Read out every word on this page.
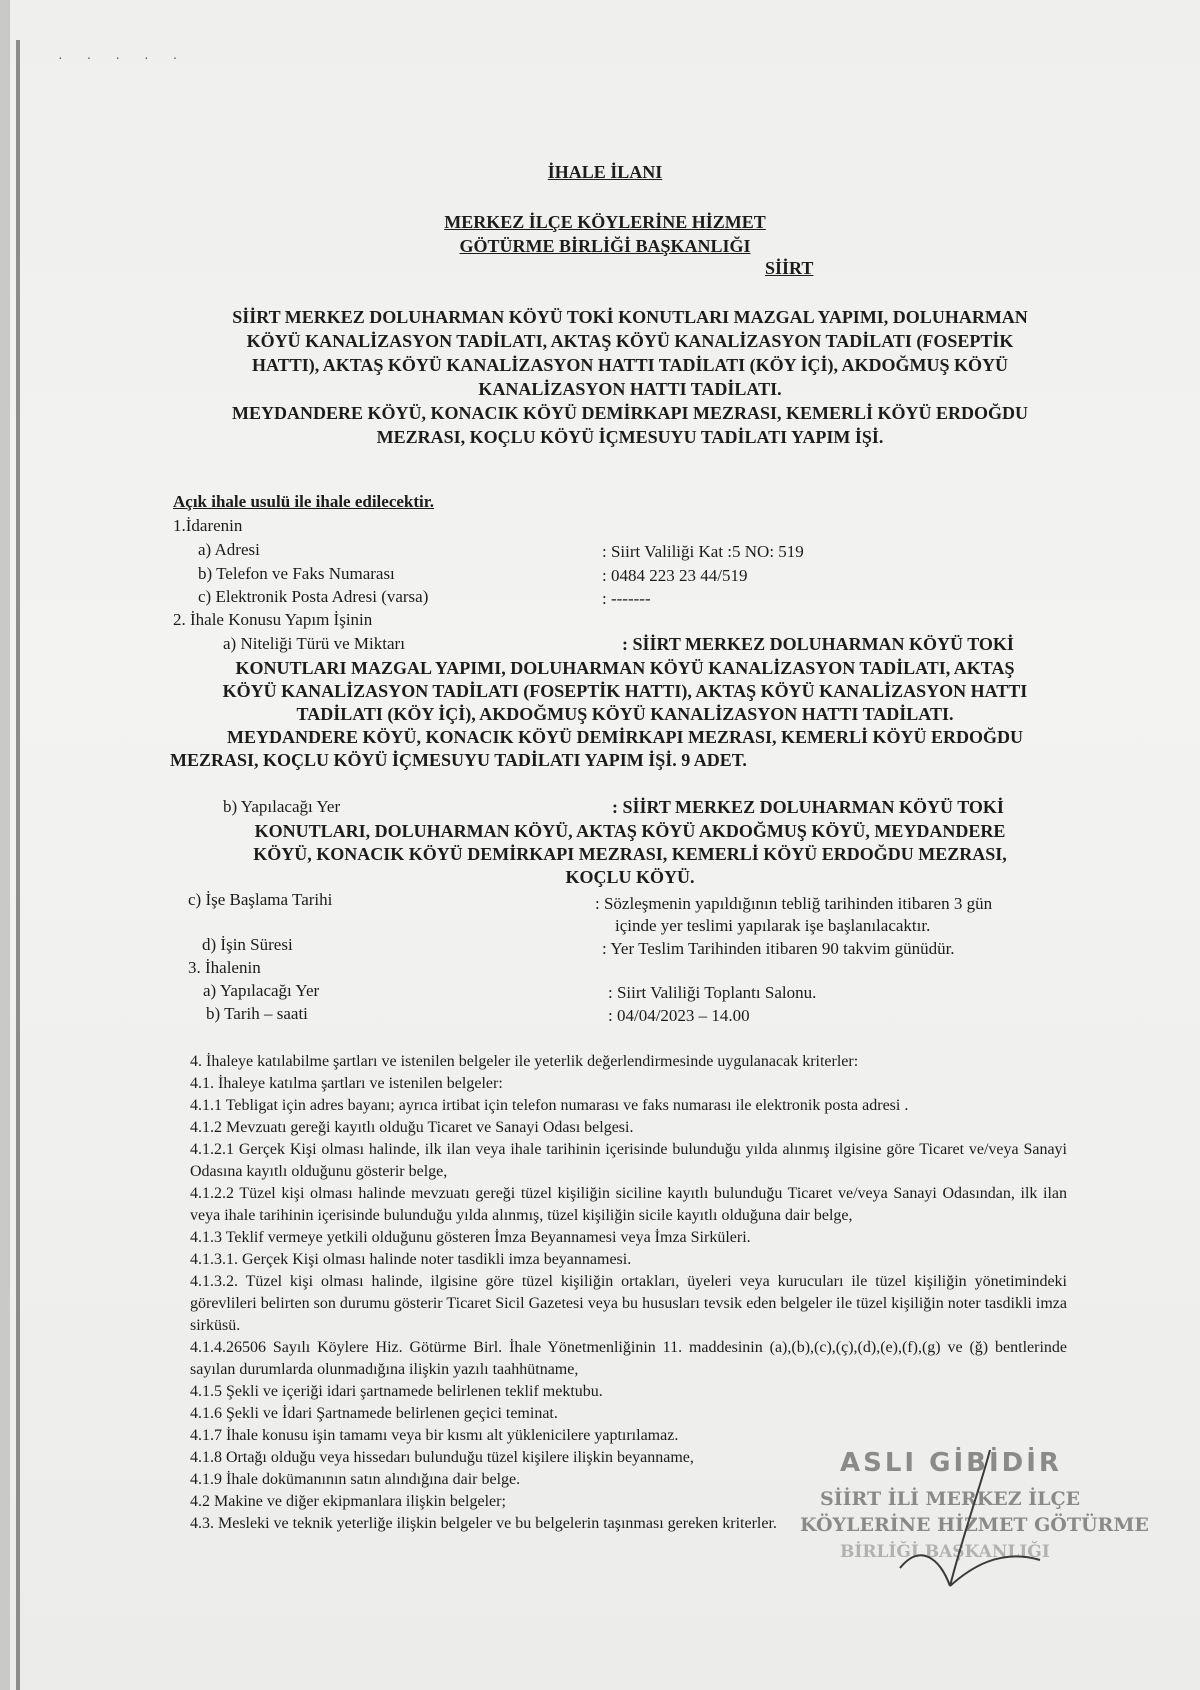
·····
İHALE İLANI
MERKEZ İLÇE KÖYLERİNE HİZMET
GÖTÜRME BİRLİĞİ BAŞKANLIĞI
SİİRT
SİİRT MERKEZ DOLUHARMAN KÖYÜ TOKİ KONUTLARI MAZGAL YAPIMI, DOLUHARMAN
KÖYÜ KANALİZASYON TADİLATI, AKTAŞ KÖYÜ KANALİZASYON TADİLATI (FOSEPTİK
HATTI), AKTAŞ KÖYÜ KANALİZASYON HATTI TADİLATI (KÖY İÇİ), AKDOĞMUŞ KÖYÜ
KANALİZASYON HATTI TADİLATI.
MEYDANDERE KÖYÜ, KONACIK KÖYÜ DEMİRKAPI MEZRASI, KEMERLİ KÖYÜ ERDOĞDU
MEZRASI, KOÇLU KÖYÜ İÇMESUYU TADİLATI YAPIM İŞİ.
Açık ihale usulü ile ihale edilecektir.
1.İdarenin
a) Adresi	: Siirt Valiliği Kat :5 NO: 519
b) Telefon ve Faks Numarası	: 0484 223 23 44/519
c) Elektronik Posta Adresi (varsa)	: -------
2. İhale Konusu Yapım İşinin
a) Niteliği Türü ve Miktarı	: SİİRT MERKEZ DOLUHARMAN KÖYÜ TOKİ
KONUTLARI MAZGAL YAPIMI, DOLUHARMAN KÖYÜ KANALİZASYON TADİLATI, AKTAŞ
KÖYÜ KANALİZASYON TADİLATI (FOSEPTİK HATTI), AKTAŞ KÖYÜ KANALİZASYON HATTI
TADİLATI (KÖY İÇİ), AKDOĞMUŞ KÖYÜ KANALİZASYON HATTI TADİLATI.
MEYDANDERE KÖYÜ, KONACIK KÖYÜ DEMİRKAPI MEZRASI, KEMERLİ KÖYÜ ERDOĞDU
MEZRASI, KOÇLU KÖYÜ İÇMESUYU TADİLATI YAPIM İŞİ. 9 ADET.
b) Yapılacağı Yer	: SİİRT MERKEZ DOLUHARMAN KÖYÜ TOKİ
KONUTLARI, DOLUHARMAN KÖYÜ, AKTAŞ KÖYÜ AKDOĞMUŞ KÖYÜ, MEYDANDERE
KÖYÜ, KONACIK KÖYÜ DEMİRKAPI MEZRASI, KEMERLİ KÖYÜ ERDOĞDU MEZRASI,
KOÇLU KÖYÜ.
c) İşe Başlama Tarihi	: Sözleşmenin yapıldığının tebliğ tarihinden itibaren 3 gün
içinde yer teslimi yapılarak işe başlanılacaktır.
d) İşin Süresi	: Yer Teslim Tarihinden itibaren 90 takvim günüdür.
3. İhalenin
a) Yapılacağı Yer	: Siirt Valiliği Toplantı Salonu.
b) Tarih – saati	: 04/04/2023 – 14.00

4. İhaleye katılabilme şartları ve istenilen belgeler ile yeterlik değerlendirmesinde uygulanacak kriterler:

4.1. İhaleye katılma şartları ve istenilen belgeler:

4.1.1 Tebligat için adres bayanı; ayrıca irtibat için telefon numarası ve faks numarası ile elektronik posta adresi .

4.1.2 Mevzuatı gereği kayıtlı olduğu Ticaret ve Sanayi Odası belgesi.

4.1.2.1 Gerçek Kişi olması halinde, ilk ilan veya ihale tarihinin içerisinde bulunduğu yılda alınmış ilgisine göre Ticaret ve/veya Sanayi Odasına kayıtlı olduğunu gösterir belge,

4.1.2.2 Tüzel kişi olması halinde mevzuatı gereği tüzel kişiliğin siciline kayıtlı bulunduğu Ticaret ve/veya Sanayi Odasından, ilk ilan veya ihale tarihinin içerisinde bulunduğu yılda alınmış, tüzel kişiliğin sicile kayıtlı olduğuna dair belge,

4.1.3 Teklif vermeye yetkili olduğunu gösteren İmza Beyannamesi veya İmza Sirküleri.

4.1.3.1. Gerçek Kişi olması halinde noter tasdikli imza beyannamesi.

4.1.3.2. Tüzel kişi olması halinde, ilgisine göre tüzel kişiliğin ortakları, üyeleri veya kurucuları ile tüzel kişiliğin yönetimindeki görevlileri belirten son durumu gösterir Ticaret Sicil Gazetesi veya bu hususları tevsik eden belgeler ile tüzel kişiliğin noter tasdikli imza sirküsü.

4.1.4.26506 Sayılı Köylere Hiz. Götürme Birl. İhale Yönetmenliğinin 11. maddesinin (a),(b),(c),(ç),(d),(e),(f),(g) ve (ğ) bentlerinde sayılan durumlarda olunmadığına ilişkin yazılı taahhütname,

4.1.5 Şekli ve içeriği idari şartnamede belirlenen teklif mektubu.

4.1.6 Şekli ve İdari Şartnamede belirlenen geçici teminat.

4.1.7 İhale konusu işin tamamı veya bir kısmı alt yüklenicilere yaptırılamaz.

4.1.8 Ortağı olduğu veya hissedarı bulunduğu tüzel kişilere ilişkin beyanname,

4.1.9 İhale dokümanının satın alındığına dair belge.

4.2 Makine ve diğer ekipmanlara ilişkin belgeler;

4.3. Mesleki ve teknik yeterliğe ilişkin belgeler ve bu belgelerin taşınması gereken kriterler.

ASLI GİBİDİR
SİİRT İLİ MERKEZ İLÇE
KÖYLERİNE HİZMET GÖTÜRME
BİRLİĞİ BAŞKANLIĞI
